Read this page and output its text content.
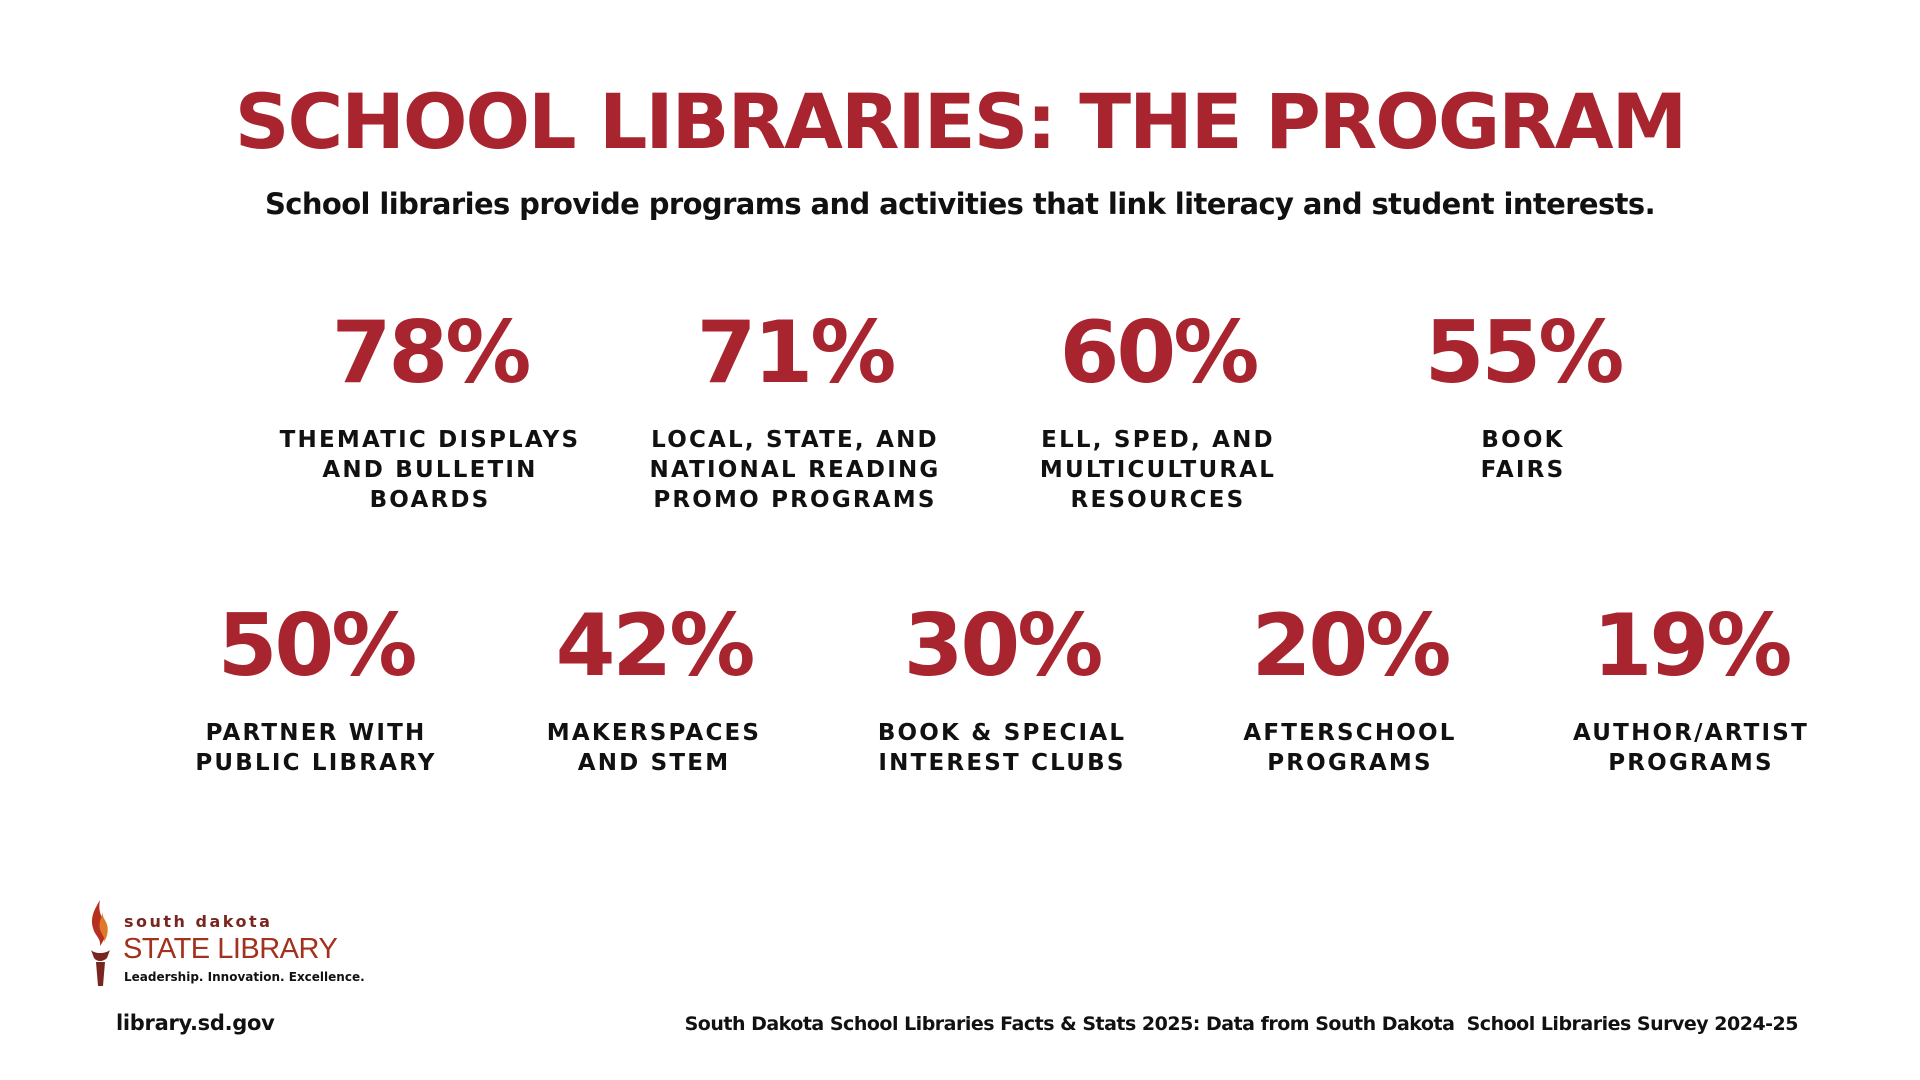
SCHOOL LIBRARIES: THE PROGRAM
School libraries provide programs and activities that link literacy and student interests.
78%
THEMATIC DISPLAYS
AND BULLETIN
BOARDS
71%
LOCAL, STATE, AND
NATIONAL READING
PROMO PROGRAMS
60%
ELL, SPED, AND
MULTICULTURAL
RESOURCES
55%
BOOK
FAIRS
50%
PARTNER WITH
PUBLIC LIBRARY
42%
MAKERSPACES
AND STEM
30%
BOOK & SPECIAL
INTEREST CLUBS
20%
AFTERSCHOOL
PROGRAMS
19%
AUTHOR/ARTIST
PROGRAMS
south dakota
STATE LIBRARY
Leadership. Innovation. Excellence.
library.sd.gov	South Dakota School Libraries Facts & Stats 2025: Data from South Dakota  School Libraries Survey 2024-25
